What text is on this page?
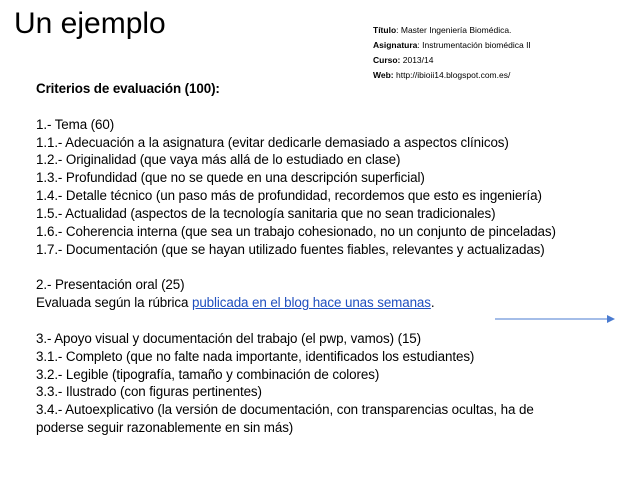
Un ejemplo	Título: Master Ingeniería Biomédica.
Asignatura: Instrumentación biomédica II
Curso: 2013/14
Web: http://ibioii14.blogspot.com.es/
Criterios de evaluación (100):
1.- Tema (60)
1.1.- Adecuación a la asignatura (evitar dedicarle demasiado a aspectos clínicos)
1.2.- Originalidad (que vaya más allá de lo estudiado en clase)
1.3.- Profundidad (que no se quede en una descripción superficial)
1.4.- Detalle técnico (un paso más de profundidad, recordemos que esto es ingeniería)
1.5.- Actualidad (aspectos de la tecnología sanitaria que no sean tradicionales)
1.6.- Coherencia interna (que sea un trabajo cohesionado, no un conjunto de pinceladas)
1.7.- Documentación (que se hayan utilizado fuentes fiables, relevantes y actualizadas)
2.- Presentación oral (25)
Evaluada según la rúbrica publicada en el blog hace unas semanas.
3.- Apoyo visual y documentación del trabajo (el pwp, vamos) (15)
3.1.- Completo (que no falte nada importante, identificados los estudiantes)
3.2.- Legible (tipografía, tamaño y combinación de colores)
3.3.- Ilustrado (con figuras pertinentes)
3.4.- Autoexplicativo (la versión de documentación, con transparencias ocultas, ha de
poderse seguir razonablemente en sin más)
